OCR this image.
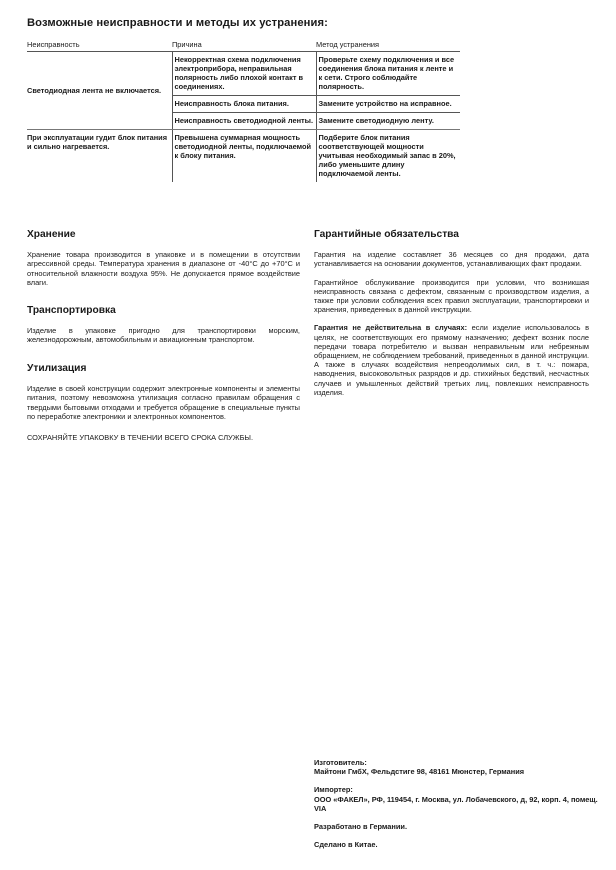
Возможные неисправности и методы их устранения:
Неисправность	Причина	Метод устранения
Светодиодная лента не включается.	Некорректная схема подключения электроприбора, неправильная полярность либо плохой контакт в соединениях.	Проверьте схему подключения и все соединения блока питания к ленте и к сети. Строго соблюдайте полярность.
	Неисправность блока питания.	Замените устройство на исправное.
	Неисправность светодиодной ленты.	Замените светодиодную ленту.
При эксплуатации гудит блок питания и сильно нагревается.	Превышена суммарная мощность светодиодной ленты, подключаемой к блоку питания.	Подберите блок питания соответствующей мощности учитывая необходимый запас в 20%, либо уменьшите длину подключаемой ленты.
Хранение

Хранение товара производится в упаковке и в помещении в отсутствии агрессивной среды. Температура хранения в диапазоне от -40°C до +70°C и относительной влажности воздуха 95%. Не допускается прямое воздействие влаги.

Транспортировка

Изделие в упаковке пригодно для транспортировки морским, железнодорожным, автомобильным и авиационным транспортом.

Утилизация

Изделие в своей конструкции содержит электронные компоненты и элементы питания, поэтому невозможна утилизация согласно правилам обращения с твердыми бытовыми отходами и требуется обращение в специальные пункты по переработке электроники и электронных компонентов.

СОХРАНЯЙТЕ УПАКОВКУ В ТЕЧЕНИИ ВСЕГО СРОКА СЛУЖБЫ.

Гарантийные обязательства

Гарантия на изделие составляет 36 месяцев со дня продажи, дата устанавливается на основании документов, устанавливающих факт продажи.

Гарантийное обслуживание производится при условии, что возникшая неисправность связана с дефектом, связанным с производством изделия, а также при условии соблюдения всех правил эксплуатации, транспортировки и хранения, приведенных в данной инструкции.

Гарантия не действительна в случаях: если изделие использовалось в целях, не соответствующих его прямому назначению; дефект возник после передачи товара потребителю и вызван неправильным или небрежным обращением, не соблюдением требований, приведенных в данной инструкции. А также в случаях воздействия непреодолимых сил, в т. ч.: пожара, наводнения, высоковольтных разрядов и др. стихийных бедствий, несчастных случаев и умышленных действий третьих лиц, повлекших неисправность изделия.

Изготовитель:
Майтони ГмбХ, Фельдстиге 98, 48161 Мюнстер, Германия

Импортер:
ООО «ФАКЕЛ», РФ, 119454, г. Москва, ул. Лобачевского, д, 92, корп. 4, помещ. VIA

Разработано в Германии.

Сделано в Китае.
